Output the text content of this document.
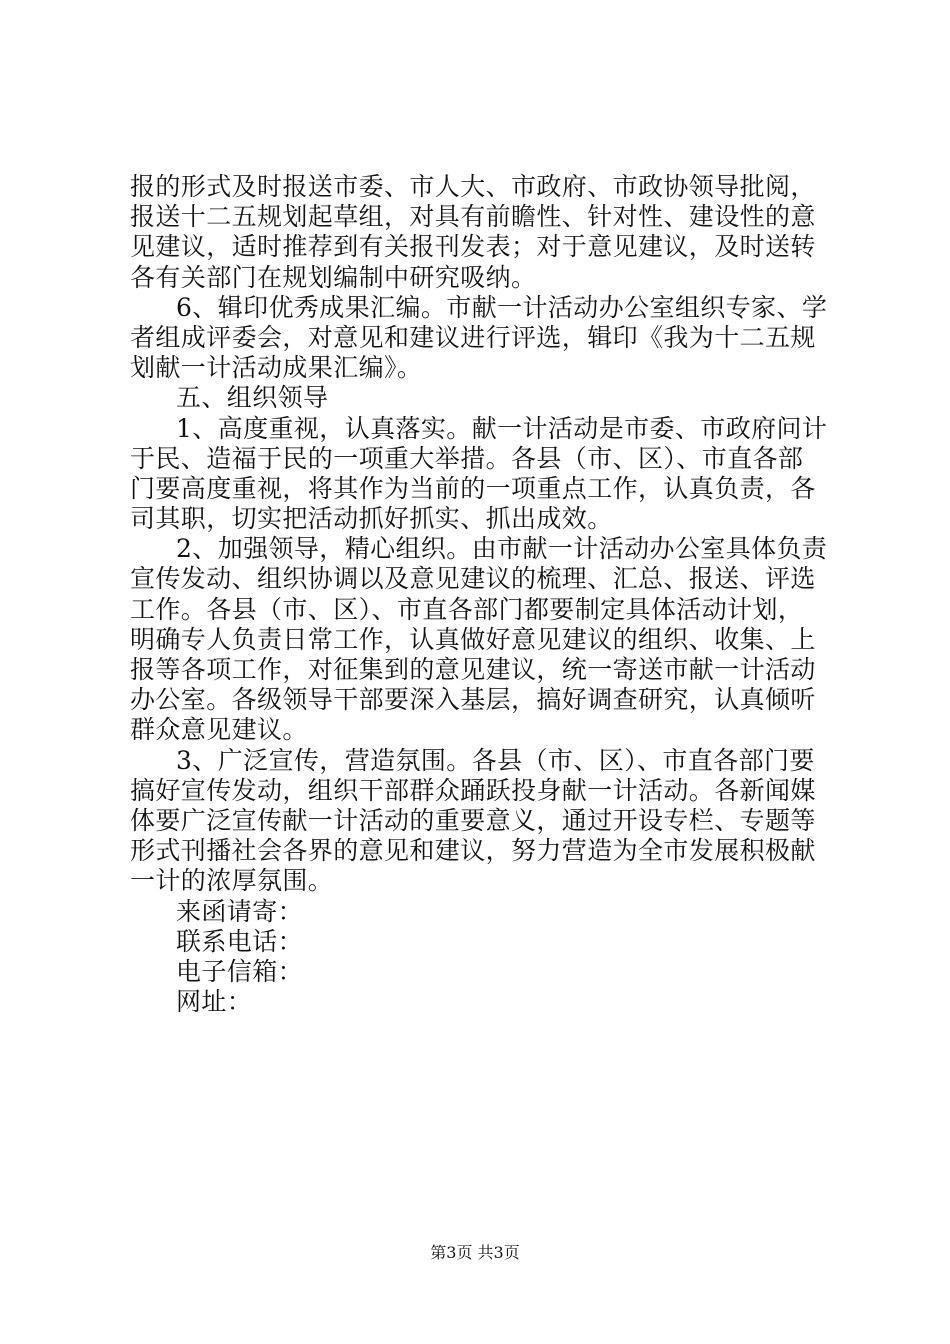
报的形式及时报送市委、市人大、市政府、市政协领导批阅，
报送十二五规划起草组，对具有前瞻性、针对性、建设性的意
见建议，适时推荐到有关报刊发表；对于意见建议，及时送转
各有关部门在规划编制中研究吸纳。
6、辑印优秀成果汇编。市献一计活动办公室组织专家、学
者组成评委会，对意见和建议进行评选，辑印《我为十二五规
划献一计活动成果汇编》。
五、组织领导
1、高度重视，认真落实。献一计活动是市委、市政府问计
于民、造福于民的一项重大举措。各县（市、区）、市直各部
门要高度重视，将其作为当前的一项重点工作，认真负责，各
司其职，切实把活动抓好抓实、抓出成效。
2、加强领导，精心组织。由市献一计活动办公室具体负责
宣传发动、组织协调以及意见建议的梳理、汇总、报送、评选
工作。各县（市、区）、市直各部门都要制定具体活动计划，
明确专人负责日常工作，认真做好意见建议的组织、收集、上
报等各项工作，对征集到的意见建议，统一寄送市献一计活动
办公室。各级领导干部要深入基层，搞好调查研究，认真倾听
群众意见建议。
3、广泛宣传，营造氛围。各县（市、区）、市直各部门要
搞好宣传发动，组织干部群众踊跃投身献一计活动。各新闻媒
体要广泛宣传献一计活动的重要意义，通过开设专栏、专题等
形式刊播社会各界的意见和建议，努力营造为全市发展积极献
一计的浓厚氛围。
来函请寄：
联系电话：
电子信箱：
网址：
第3页 共3页
